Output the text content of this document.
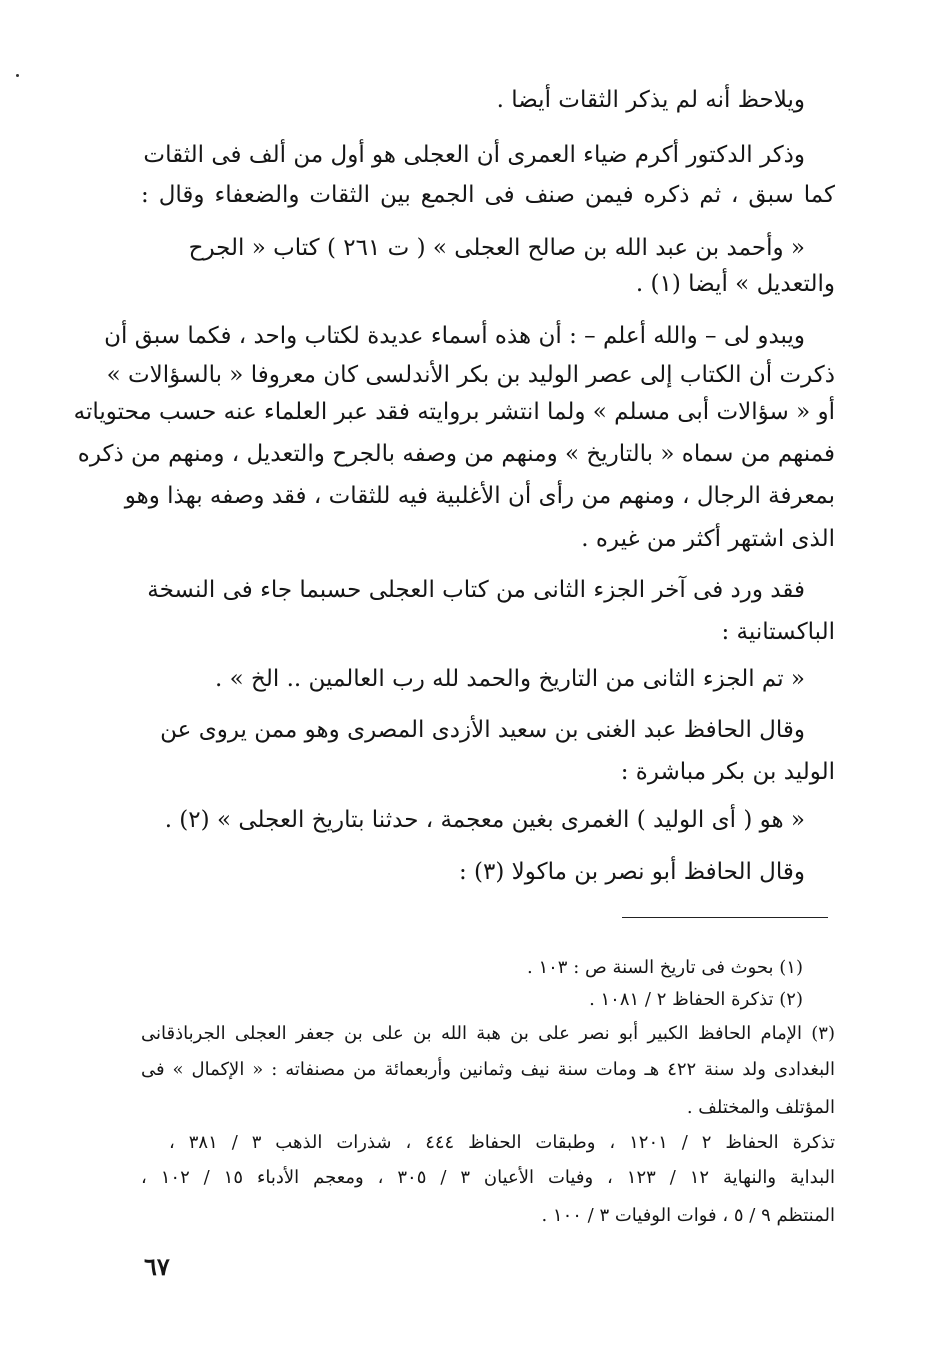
ويلاحظ أنه لم يذكر الثقات أيضا .
وذكر الدكتور أكرم ضياء العمرى أن العجلى هو أول من ألف فى الثقات
كما سبق ، ثم ذكره فيمن صنف فى الجمع بين الثقات والضعفاء وقال :
« وأحمد بن عبد الله بن صالح العجلى » ( ت ٢٦١ ) كتاب « الجرح
والتعديل » أيضا (١) .
ويبدو لى – والله أعلم – : أن هذه أسماء عديدة لكتاب واحد ، فكما سبق أن
ذكرت أن الكتاب إلى عصر الوليد بن بكر الأندلسى كان معروفا « بالسؤالات »
أو « سؤالات أبى مسلم » ولما انتشر بروايته فقد عبر العلماء عنه حسب محتوياته
فمنهم من سماه « بالتاريخ » ومنهم من وصفه بالجرح والتعديل ، ومنهم من ذكره
بمعرفة الرجال ، ومنهم من رأى أن الأغلبية فيه للثقات ، فقد وصفه بهذا وهو
الذى اشتهر أكثر من غيره .
فقد ورد فى آخر الجزء الثانى من كتاب العجلى حسبما جاء فى النسخة
الباكستانية :
« تم الجزء الثانى من التاريخ والحمد لله رب العالمين .. الخ » .
وقال الحافظ عبد الغنى بن سعيد الأزدى المصرى وهو ممن يروى عن
الوليد بن بكر مباشرة :
« هو ( أى الوليد ) الغمرى بغين معجمة ، حدثنا بتاريخ العجلى » (٢) .
وقال الحافظ أبو نصر بن ماكولا (٣) :
(١) بحوث فى تاريخ السنة ص : ١٠٣ .
(٢) تذكرة الحفاظ ٢ / ١٠٨١ .
(٣) الإمام الحافظ الكبير أبو نصر على بن هبة الله بن على بن جعفر العجلى الجرباذقانى
البغدادى ولد سنة ٤٢٢ هـ ومات سنة نيف وثمانين وأربعمائة من مصنفاته : « الإكمال » فى
المؤتلف والمختلف .
تذكرة الحفاظ ٢ / ١٢٠١ ، وطبقات الحفاظ ٤٤٤ ، شذرات الذهب ٣ / ٣٨١ ،
البداية والنهاية ١٢ / ١٢٣ ، وفيات الأعيان ٣ / ٣٠٥ ، ومعجم الأدباء ١٥ / ١٠٢ ،
المنتظم ٩ / ٥ ، فوات الوفيات ٣ / ١٠٠ .
٦٧
